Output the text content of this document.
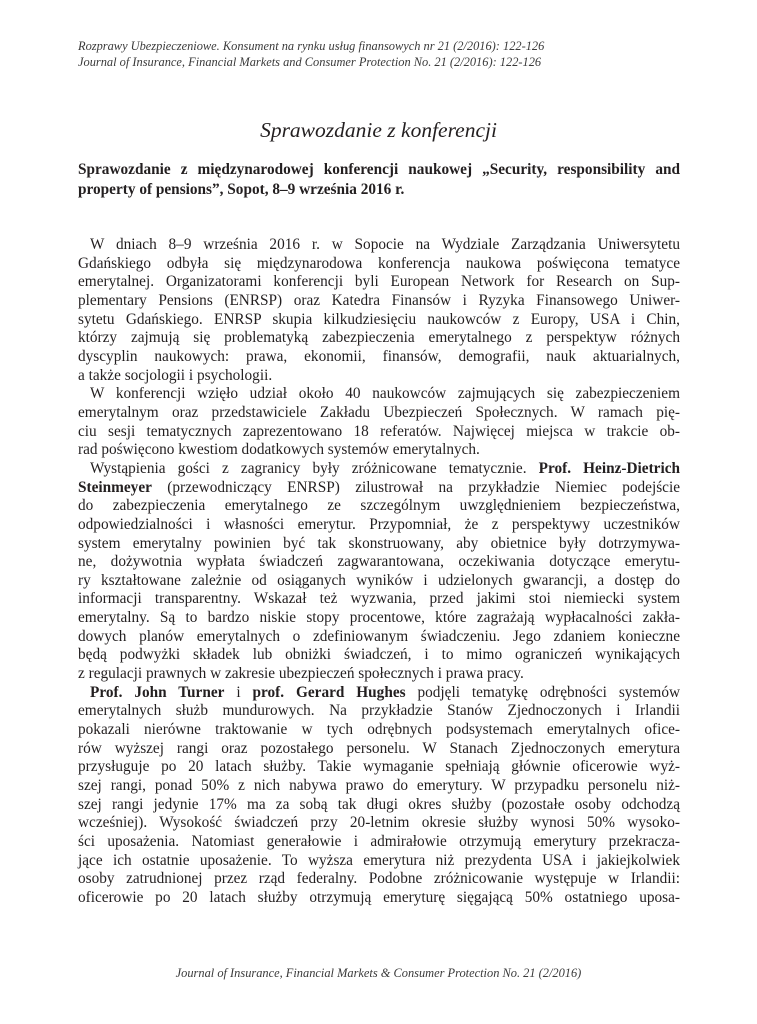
Rozprawy Ubezpieczeniowe. Konsument na rynku usług finansowych nr 21 (2/2016): 122-126
Journal of Insurance, Financial Markets and Consumer Protection No. 21 (2/2016): 122-126
Sprawozdanie z konferencji
Sprawozdanie z międzynarodowej konferencji naukowej „Security, responsibility and property of pensions”, Sopot, 8–9 września 2016 r.
W dniach 8–9 września 2016 r. w Sopocie na Wydziale Zarządzania Uniwersytetu
Gdańskiego odbyła się międzynarodowa konferencja naukowa poświęcona tematyce
emerytalnej. Organizatorami konferencji byli European Network for Research on Sup-
plementary Pensions (ENRSP) oraz Katedra Finansów i Ryzyka Finansowego Uniwer-
sytetu Gdańskiego. ENRSP skupia kilkudziesięciu naukowców z Europy, USA i Chin,
którzy zajmują się problematyką zabezpieczenia emerytalnego z perspektyw różnych
dyscyplin naukowych: prawa, ekonomii, finansów, demografii, nauk aktuarialnych,
a także socjologii i psychologii.
W konferencji wzięło udział około 40 naukowców zajmujących się zabezpieczeniem
emerytalnym oraz przedstawiciele Zakładu Ubezpieczeń Społecznych. W ramach pię-
ciu sesji tematycznych zaprezentowano 18 referatów. Najwięcej miejsca w trakcie ob-
rad poświęcono kwestiom dodatkowych systemów emerytalnych.
Wystąpienia gości z zagranicy były zróżnicowane tematycznie. Prof. Heinz-Dietrich
Steinmeyer (przewodniczący ENRSP) zilustrował na przykładzie Niemiec podejście
do zabezpieczenia emerytalnego ze szczególnym uwzględnieniem bezpieczeństwa,
odpowiedzialności i własności emerytur. Przypomniał, że z perspektywy uczestników
system emerytalny powinien być tak skonstruowany, aby obietnice były dotrzymywa-
ne, dożywotnia wypłata świadczeń zagwarantowana, oczekiwania dotyczące emerytu-
ry kształtowane zależnie od osiąganych wyników i udzielonych gwarancji, a dostęp do
informacji transparentny. Wskazał też wyzwania, przed jakimi stoi niemiecki system
emerytalny. Są to bardzo niskie stopy procentowe, które zagrażają wypłacalności zakła-
dowych planów emerytalnych o zdefiniowanym świadczeniu. Jego zdaniem konieczne
będą podwyżki składek lub obniżki świadczeń, i to mimo ograniczeń wynikających
z regulacji prawnych w zakresie ubezpieczeń społecznych i prawa pracy.
Prof. John Turner i prof. Gerard Hughes podjęli tematykę odrębności systemów
emerytalnych służb mundurowych. Na przykładzie Stanów Zjednoczonych i Irlandii
pokazali nierówne traktowanie w tych odrębnych podsystemach emerytalnych ofice-
rów wyższej rangi oraz pozostałego personelu. W Stanach Zjednoczonych emerytura
przysługuje po 20 latach służby. Takie wymaganie spełniają głównie oficerowie wyż-
szej rangi, ponad 50% z nich nabywa prawo do emerytury. W przypadku personelu niż-
szej rangi jedynie 17% ma za sobą tak długi okres służby (pozostałe osoby odchodzą
wcześniej). Wysokość świadczeń przy 20-letnim okresie służby wynosi 50% wysoko-
ści uposażenia. Natomiast generałowie i admirałowie otrzymują emerytury przekracza-
jące ich ostatnie uposażenie. To wyższa emerytura niż prezydenta USA i jakiejkolwiek
osoby zatrudnionej przez rząd federalny. Podobne zróżnicowanie występuje w Irlandii:
oficerowie po 20 latach służby otrzymują emeryturę sięgającą 50% ostatniego uposa-
Journal of Insurance, Financial Markets & Consumer Protection No. 21 (2/2016)
